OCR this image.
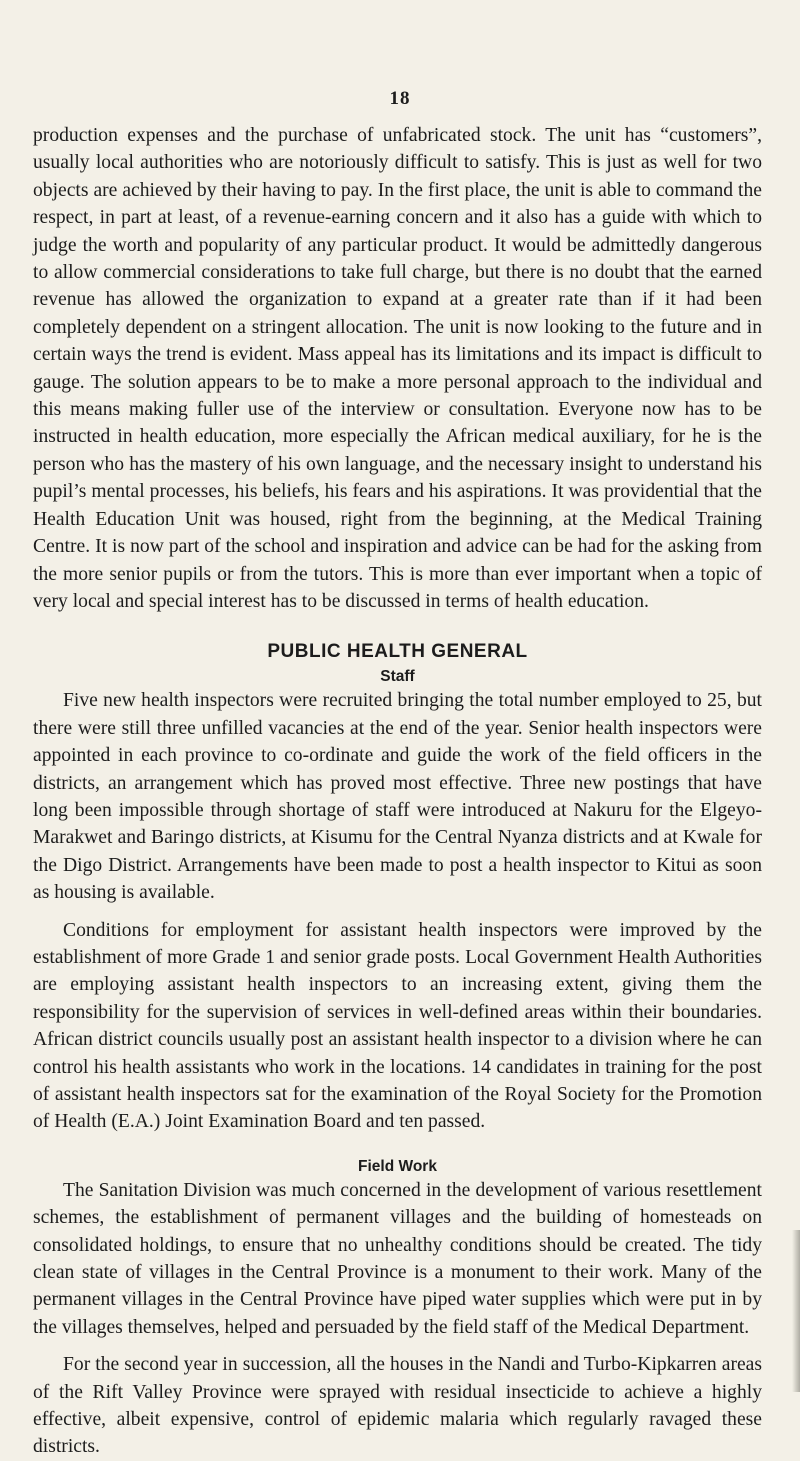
18

production expenses and the purchase of unfabricated stock. The unit has “customers”, usually local authorities who are notoriously difficult to satisfy. This is just as well for two objects are achieved by their having to pay. In the first place, the unit is able to command the respect, in part at least, of a revenue-earning concern and it also has a guide with which to judge the worth and popularity of any particular product. It would be admittedly dangerous to allow commercial considerations to take full charge, but there is no doubt that the earned revenue has allowed the organization to expand at a greater rate than if it had been completely dependent on a stringent allocation. The unit is now looking to the future and in certain ways the trend is evident. Mass appeal has its limitations and its impact is difficult to gauge. The solution appears to be to make a more personal approach to the individual and this means making fuller use of the interview or consultation. Everyone now has to be instructed in health education, more especially the African medical auxiliary, for he is the person who has the mastery of his own language, and the necessary insight to understand his pupil’s mental processes, his beliefs, his fears and his aspirations. It was providential that the Health Education Unit was housed, right from the beginning, at the Medical Training Centre. It is now part of the school and inspiration and advice can be had for the asking from the more senior pupils or from the tutors. This is more than ever important when a topic of very local and special interest has to be discussed in terms of health education.

PUBLIC HEALTH GENERAL
Staff

Five new health inspectors were recruited bringing the total number employed to 25, but there were still three unfilled vacancies at the end of the year. Senior health inspectors were appointed in each province to co-ordinate and guide the work of the field officers in the districts, an arrangement which has proved most effective. Three new postings that have long been impossible through shortage of staff were introduced at Nakuru for the Elgeyo-Marakwet and Baringo districts, at Kisumu for the Central Nyanza districts and at Kwale for the Digo District. Arrangements have been made to post a health inspector to Kitui as soon as housing is available.

Conditions for employment for assistant health inspectors were improved by the establishment of more Grade 1 and senior grade posts. Local Government Health Authorities are employing assistant health inspectors to an increasing extent, giving them the responsibility for the supervision of services in well-defined areas within their boundaries. African district councils usually post an assistant health inspector to a division where he can control his health assistants who work in the locations. 14 candidates in training for the post of assistant health inspectors sat for the examination of the Royal Society for the Promotion of Health (E.A.) Joint Examination Board and ten passed.

Field Work

The Sanitation Division was much concerned in the development of various resettlement schemes, the establishment of permanent villages and the building of homesteads on consolidated holdings, to ensure that no unhealthy conditions should be created. The tidy clean state of villages in the Central Province is a monument to their work. Many of the permanent villages in the Central Province have piped water supplies which were put in by the villages themselves, helped and persuaded by the field staff of the Medical Department.

For the second year in succession, all the houses in the Nandi and Turbo-Kipkarren areas of the Rift Valley Province were sprayed with residual insecticide to achieve a highly effective, albeit expensive, control of epidemic malaria which regularly ravaged these districts.
